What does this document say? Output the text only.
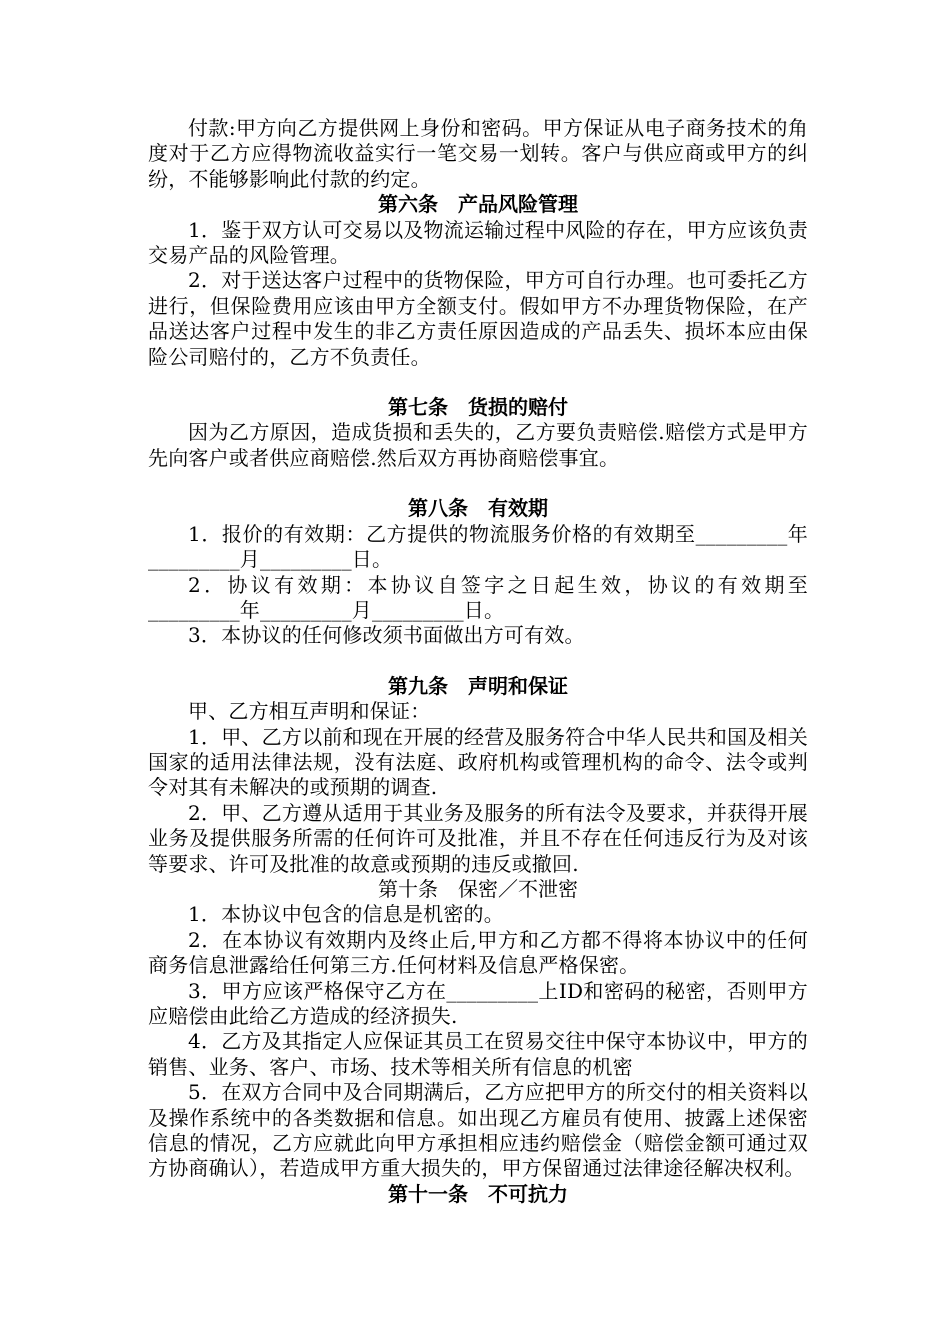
付款:甲方向乙方提供网上身份和密码。甲方保证从电子商务技术的角度对于乙方应得物流收益实行一笔交易一划转。客户与供应商或甲方的纠纷，不能够影响此付款的约定。

第六条　产品风险管理

1．鉴于双方认可交易以及物流运输过程中风险的存在，甲方应该负责交易产品的风险管理。

2．对于送达客户过程中的货物保险，甲方可自行办理。也可委托乙方进行，但保险费用应该由甲方全额支付。假如甲方不办理货物保险，在产品送达客户过程中发生的非乙方责任原因造成的产品丢失、损坏本应由保险公司赔付的，乙方不负责任。

第七条　货损的赔付

因为乙方原因，造成货损和丢失的，乙方要负责赔偿.赔偿方式是甲方先向客户或者供应商赔偿.然后双方再协商赔偿事宜。

第八条　有效期

1．报价的有效期：乙方提供的物流服务价格的有效期至_________年_________月_________日。

2．协议有效期：本协议自签字之日起生效，协议的有效期至_________年_________月_________日。

3．本协议的任何修改须书面做出方可有效。

第九条　声明和保证

甲、乙方相互声明和保证：

1．甲、乙方以前和现在开展的经营及服务符合中华人民共和国及相关国家的适用法律法规，没有法庭、政府机构或管理机构的命令、法令或判令对其有未解决的或预期的调查.

2．甲、乙方遵从适用于其业务及服务的所有法令及要求，并获得开展业务及提供服务所需的任何许可及批准，并且不存在任何违反行为及对该等要求、许可及批准的故意或预期的违反或撤回.

第十条　保密／不泄密

1．本协议中包含的信息是机密的。

2．在本协议有效期内及终止后,甲方和乙方都不得将本协议中的任何商务信息泄露给任何第三方.任何材料及信息严格保密。

3．甲方应该严格保守乙方在_________上ID和密码的秘密，否则甲方应赔偿由此给乙方造成的经济损失.

4．乙方及其指定人应保证其员工在贸易交往中保守本协议中，甲方的销售、业务、客户、市场、技术等相关所有信息的机密

5．在双方合同中及合同期满后，乙方应把甲方的所交付的相关资料以及操作系统中的各类数据和信息。如出现乙方雇员有使用、披露上述保密信息的情况，乙方应就此向甲方承担相应违约赔偿金（赔偿金额可通过双方协商确认），若造成甲方重大损失的，甲方保留通过法律途径解决权利。

第十一条　不可抗力
